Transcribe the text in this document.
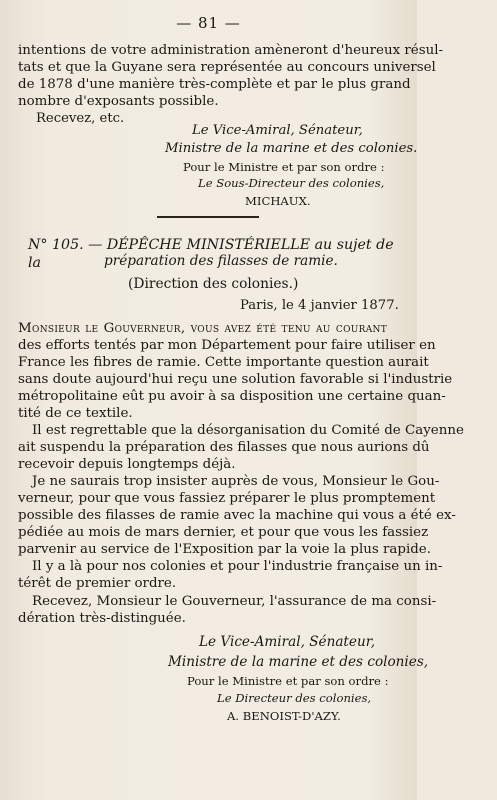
— 81 —
intentions de votre administration amèneront d'heureux résul-
tats et que la Guyane sera représentée au concours universel
de 1878 d'une manière très-complète et par le plus grand
nombre d'exposants possible.
Recevez, etc.
Le Vice-Amiral, Sénateur,
Ministre de la marine et des colonies.
Pour le Ministre et par son ordre :
Le Sous-Directeur des colonies,
MICHAUX.
N° 105. — DÉPÊCHE MINISTÉRIELLE au sujet de la	préparation des filasses de ramie.
(Direction des colonies.)
Paris, le 4 janvier 1877.
Monsieur le Gouverneur, vous avez été tenu au courant
des efforts tentés par mon Département pour faire utiliser en
France les fibres de ramie. Cette importante question aurait
sans doute aujourd'hui reçu une solution favorable si l'industrie
métropolitaine eût pu avoir à sa disposition une certaine quan-
tité de ce textile.
Il est regrettable que la désorganisation du Comité de Cayenne
ait suspendu la préparation des filasses que nous aurions dû
recevoir depuis longtemps déjà.
Je ne saurais trop insister auprès de vous, Monsieur le Gou-
verneur, pour que vous fassiez préparer le plus promptement
possible des filasses de ramie avec la machine qui vous a été ex-
pédiée au mois de mars dernier, et pour que vous les fassiez
parvenir au service de l'Exposition par la voie la plus rapide.
Il y a là pour nos colonies et pour l'industrie française un in-
térêt de premier ordre.
Recevez, Monsieur le Gouverneur, l'assurance de ma consi-
dération très-distinguée.
Le Vice-Amiral, Sénateur,
Ministre de la marine et des colonies,
Pour le Ministre et par son ordre :
Le Directeur des colonies,
A. BENOIST-D'AZY.
